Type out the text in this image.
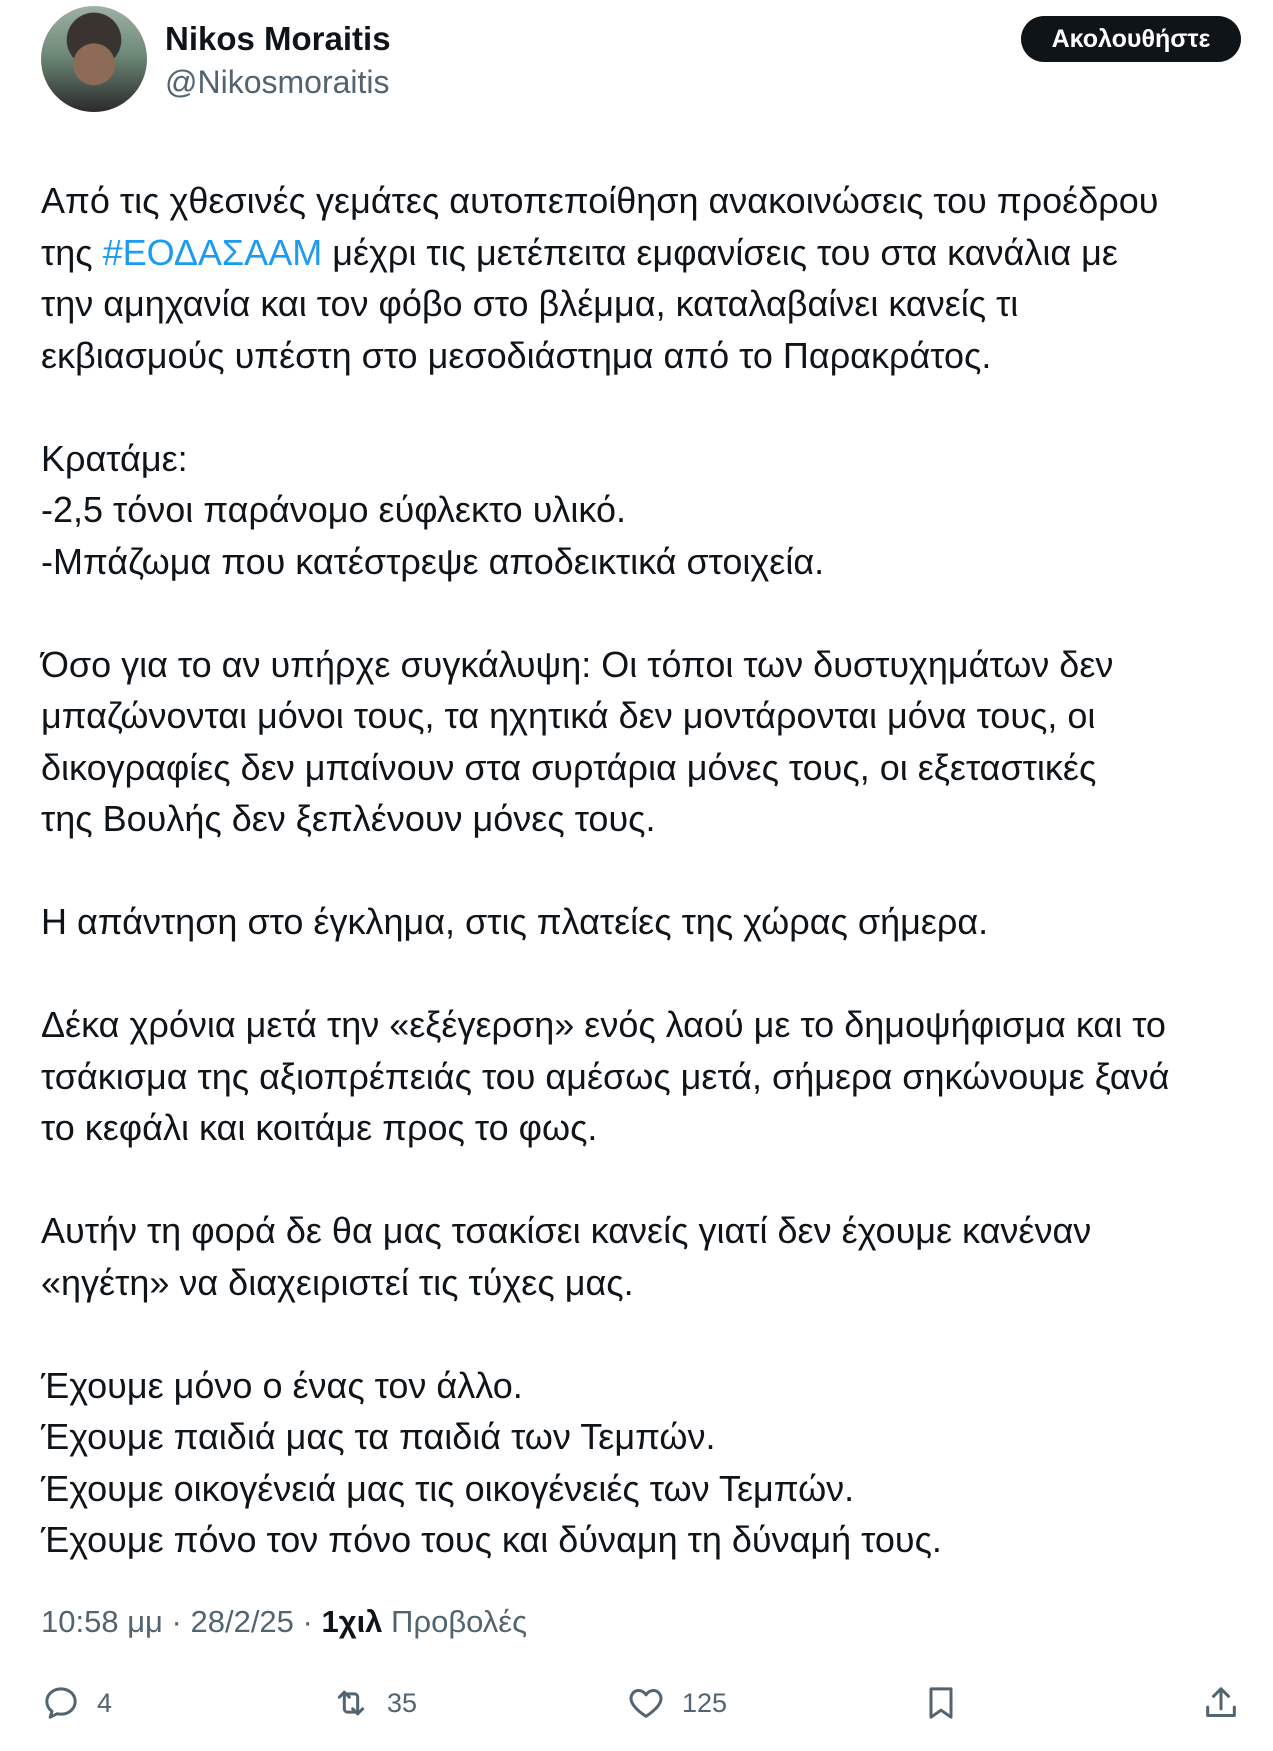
Nikos Moraitis
@Nikosmoraitis
Ακολουθήστε
Από τις χθεσινές γεμάτες αυτοπεποίθηση ανακοινώσεις του προέδρου
της #ΕΟΔΑΣΑΑΜ μέχρι τις μετέπειτα εμφανίσεις του στα κανάλια με
την αμηχανία και τον φόβο στο βλέμμα, καταλαβαίνει κανείς τι
εκβιασμούς υπέστη στο μεσοδιάστημα από το Παρακράτος.
Κρατάμε:
-2,5 τόνοι παράνομο εύφλεκτο υλικό.
-Μπάζωμα που κατέστρεψε αποδεικτικά στοιχεία.
Όσο για το αν υπήρχε συγκάλυψη: Οι τόποι των δυστυχημάτων δεν
μπαζώνονται μόνοι τους, τα ηχητικά δεν μοντάρονται μόνα τους, οι
δικογραφίες δεν μπαίνουν στα συρτάρια μόνες τους, οι εξεταστικές
της Βουλής δεν ξεπλένουν μόνες τους.
Η απάντηση στο έγκλημα, στις πλατείες της χώρας σήμερα.
Δέκα χρόνια μετά την «εξέγερση» ενός λαού με το δημοψήφισμα και το
τσάκισμα της αξιοπρέπειάς του αμέσως μετά, σήμερα σηκώνουμε ξανά
το κεφάλι και κοιτάμε προς το φως.
Αυτήν τη φορά δε θα μας τσακίσει κανείς γιατί δεν έχουμε κανέναν
«ηγέτη» να διαχειριστεί τις τύχες μας.
Έχουμε μόνο ο ένας τον άλλο.
Έχουμε παιδιά μας τα παιδιά των Τεμπών.
Έχουμε οικογένειά μας τις οικογένειές των Τεμπών.
Έχουμε πόνο τον πόνο τους και δύναμη τη δύναμή τους.
10:58 μμ · 28/2/25 · 1χιλ Προβολές
4	35	125
